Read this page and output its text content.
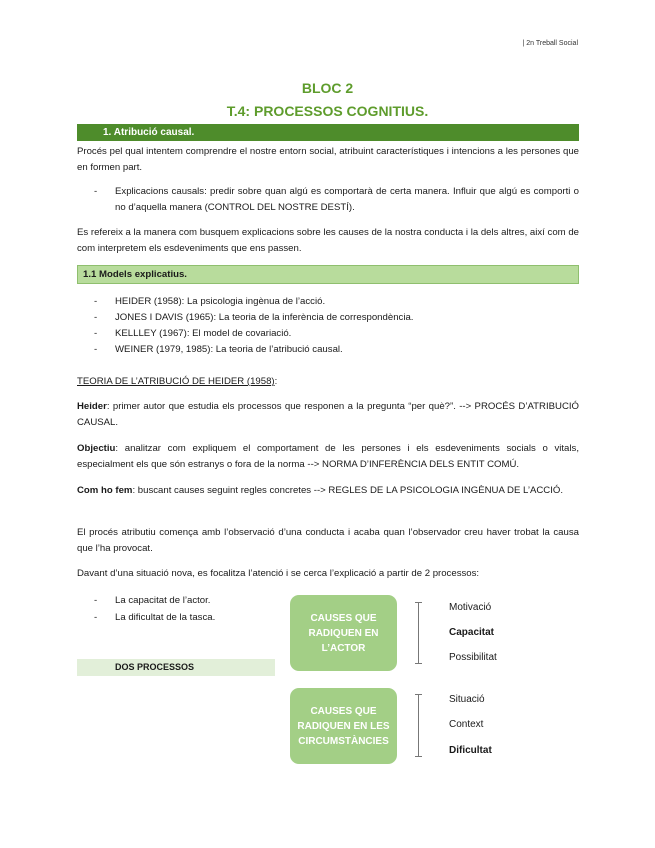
| 2n Treball Social
BLOC 2
T.4: PROCESSOS COGNITIUS.
1. Atribució causal.
Procés pel qual intentem comprendre el nostre entorn social, atribuint característiques i intencions a les persones que en formen part.
- Explicacions causals: predir sobre quan algú es comportarà de certa manera. Influir que algú es comporti o no d’aquella manera (CONTROL DEL NOSTRE DESTÍ).
Es refereix a la manera com busquem explicacions sobre les causes de la nostra conducta i la dels altres, així com de com interpretem els esdeveniments que ens passen.
1.1 Models explicatius.
- HEIDER (1958): La psicologia ingènua de l’acció.
- JONES I DAVIS (1965): La teoria de la inferència de correspondència.
- KELLLEY (1967): El model de covariació.
- WEINER (1979, 1985): La teoria de l’atribució causal.
TEORIA DE L’ATRIBUCIÓ DE HEIDER (1958):
Heider: primer autor que estudia els processos que responen a la pregunta “per què?”. --> PROCÉS D’ATRIBUCIÓ CAUSAL.
Objectiu: analitzar com expliquem el comportament de les persones i els esdeveniments socials o vitals, especialment els que són estranys o fora de la norma --> NORMA D’INFERÈNCIA DELS ENTIT COMÚ.
Com ho fem: buscant causes seguint regles concretes --> REGLES DE LA PSICOLOGIA INGÈNUA DE L’ACCIÓ.
El procés atributiu comença amb l’observació d’una conducta i acaba quan l’observador creu haver trobat la causa que l’ha provocat.
Davant d’una situació nova, es focalitza l’atenció i se cerca l’explicació a partir de 2 processos:
- La capacitat de l’actor.
- La dificultat de la tasca.
DOS PROCESSOS
CAUSES QUE RADIQUEN EN L’ACTOR
CAUSES QUE RADIQUEN EN LES CIRCUMSTÀNCIES
Motivació
Capacitat
Possibilitat
Situació
Context
Dificultat
